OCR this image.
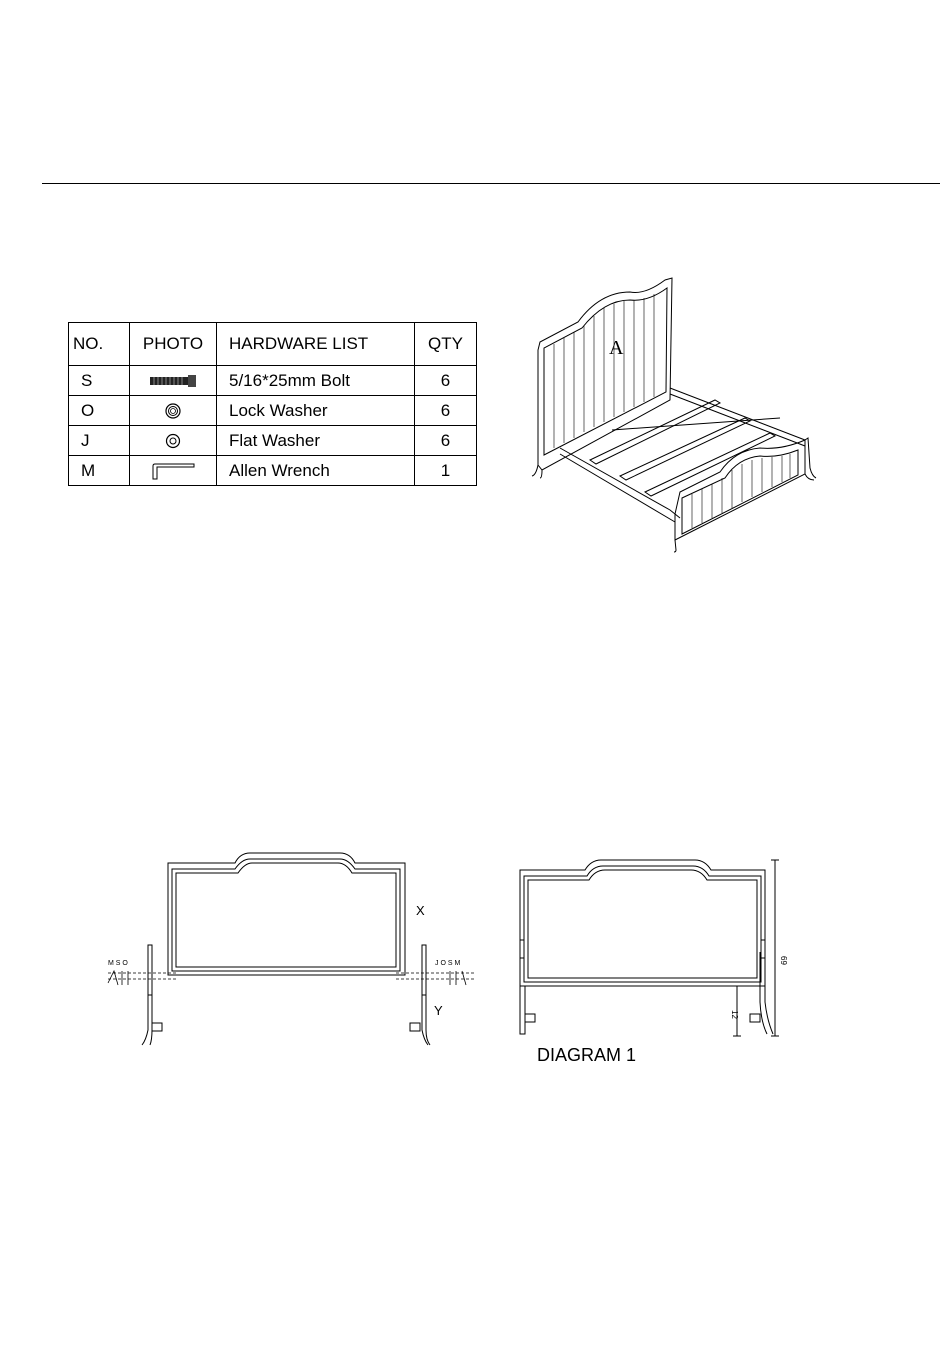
NO.	PHOTO	HARDWARE LIST	QTY
S		5/16*25mm Bolt	6
O		Lock Washer	6
J		Flat Washer	6
M		Allen Wrench	1
A
M S O	J O S M
X
Y
69
12
DIAGRAM 1
